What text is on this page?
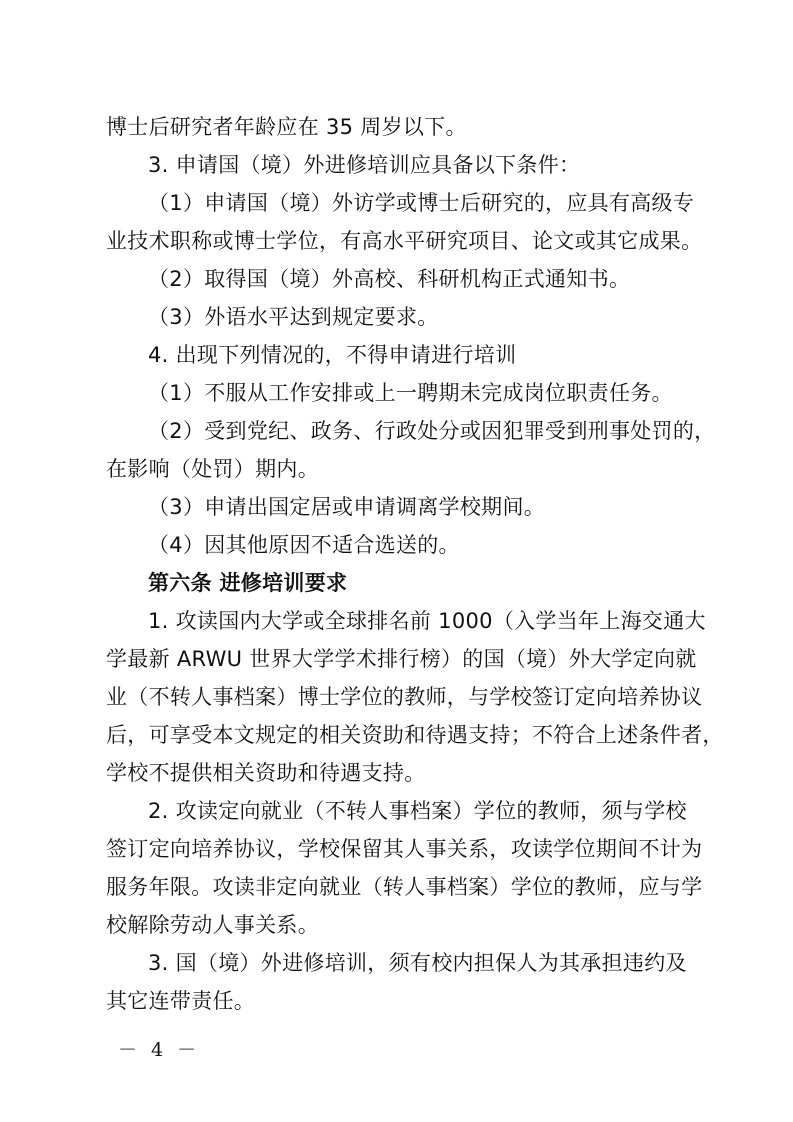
博士后研究者年龄应在 35 周岁以下。
3. 申请国（境）外进修培训应具备以下条件：
（1）申请国（境）外访学或博士后研究的，应具有高级专
业技术职称或博士学位，有高水平研究项目、论文或其它成果。
（2）取得国（境）外高校、科研机构正式通知书。
（3）外语水平达到规定要求。
4. 出现下列情况的，不得申请进行培训
（1）不服从工作安排或上一聘期未完成岗位职责任务。
（2）受到党纪、政务、行政处分或因犯罪受到刑事处罚的，
在影响（处罚）期内。
（3）申请出国定居或申请调离学校期间。
（4）因其他原因不适合选送的。
第六条 进修培训要求
1. 攻读国内大学或全球排名前 1000（入学当年上海交通大
学最新 ARWU 世界大学学术排行榜）的国（境）外大学定向就
业（不转人事档案）博士学位的教师，与学校签订定向培养协议
后，可享受本文规定的相关资助和待遇支持；不符合上述条件者，
学校不提供相关资助和待遇支持。
2. 攻读定向就业（不转人事档案）学位的教师，须与学校
签订定向培养协议，学校保留其人事关系，攻读学位期间不计为
服务年限。攻读非定向就业（转人事档案）学位的教师，应与学
校解除劳动人事关系。
3. 国（境）外进修培训，须有校内担保人为其承担违约及
其它连带责任。
－ 4 －
